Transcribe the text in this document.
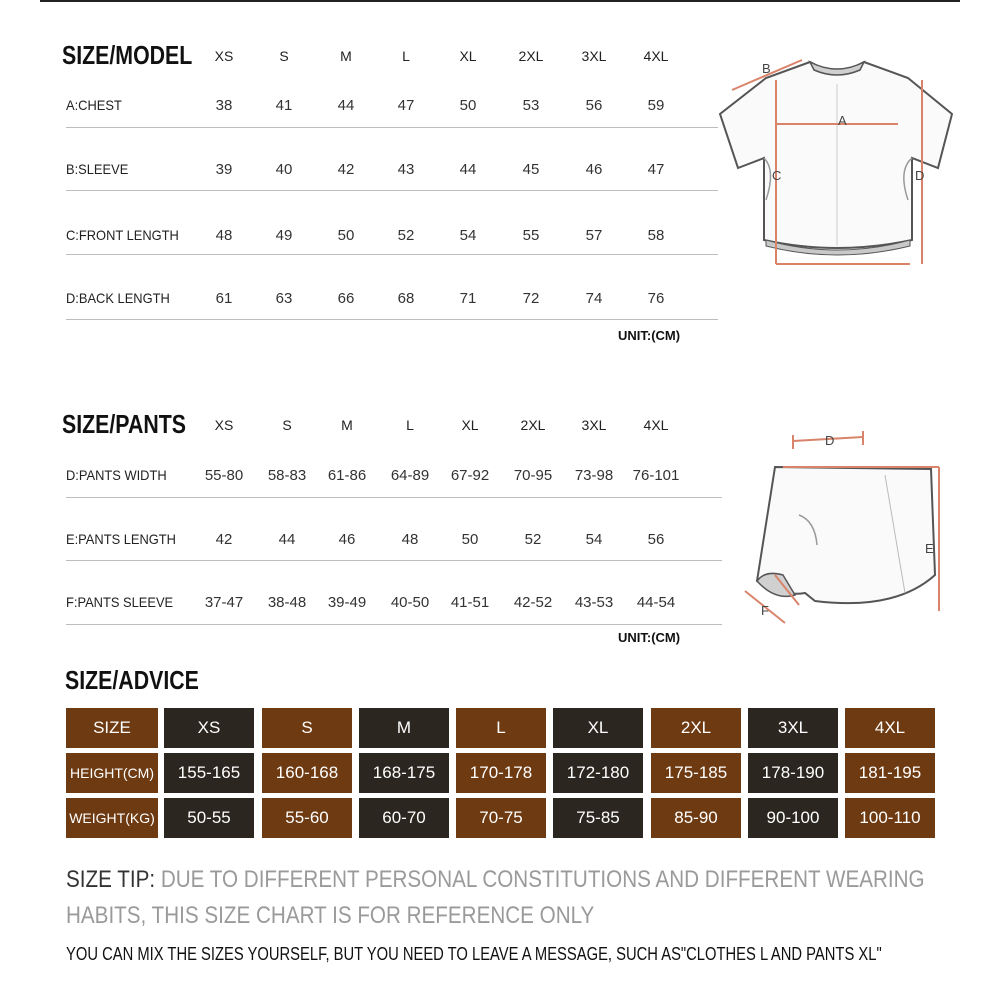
SIZE/MODEL	XS	S	M	L	XL	2XL	3XL	4XL
A:CHEST	38	41	44	47	50	53	56	59
B:SLEEVE	39	40	42	43	44	45	46	47
C:FRONT LENGTH	48	49	50	52	54	55	57	58
D:BACK LENGTH	61	63	66	68	71	72	74	76
UNIT:(CM)
B
A
C	D
SIZE/PANTS	XS	S	M	L	XL	2XL	3XL	4XL
D:PANTS WIDTH	55-80	58-83	61-86	64-89	67-92	70-95	73-98	76-101
E:PANTS LENGTH	42	44	46	48	50	52	54	56
F:PANTS SLEEVE	37-47	38-48	39-49	40-50	41-51	42-52	43-53	44-54
UNIT:(CM)
D
E
F
SIZE/ADVICE
SIZE	XS	S	M	L	XL	2XL	3XL	4XL
HEIGHT(CM)	155-165	160-168	168-175	170-178	172-180	175-185	178-190	181-195
WEIGHT(KG)	50-55	55-60	60-70	70-75	75-85	85-90	90-100	100-110
SIZE TIP: DUE TO DIFFERENT PERSONAL CONSTITUTIONS AND DIFFERENT WEARING
HABITS, THIS SIZE CHART IS FOR REFERENCE ONLY
YOU CAN MIX THE SIZES YOURSELF, BUT YOU NEED TO LEAVE A MESSAGE, SUCH AS"CLOTHES L AND PANTS XL"
